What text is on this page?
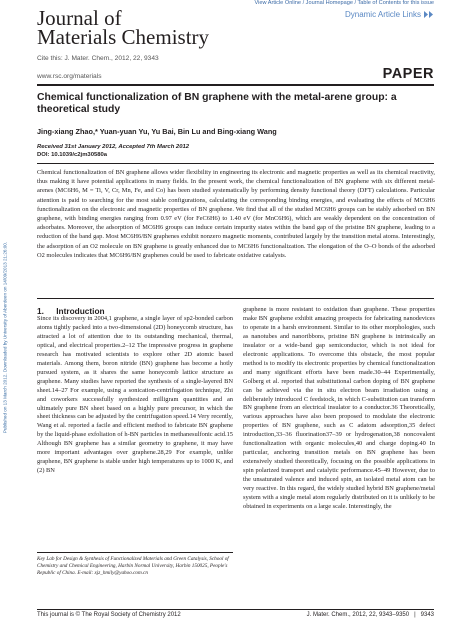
Published on 13 March 2012. Downloaded by University of Aberdeen on 14/09/2013 21:26:00.
Journal of
Materials Chemistry
View Article Online / Journal Homepage / Table of Contents for this issue
Dynamic Article Links
Cite this: J. Mater. Chem., 2012, 22, 9343
www.rsc.org/materials	PAPER
Chemical functionalization of BN graphene with the metal-arene group: a theoretical study
Jing-xiang Zhao,* Yuan-yuan Yu, Yu Bai, Bin Lu and Bing-xiang Wang
Received 31st January 2012, Accepted 7th March 2012
DOI: 10.1039/c2jm30580a
Chemical functionalization of BN graphene allows wider flexibility in engineering its electronic and magnetic properties as well as its chemical reactivity, thus making it have potential applications in many fields. In the present work, the chemical functionalization of BN graphene with six different metal-arenes (MC6H6, M = Ti, V, Cr, Mn, Fe, and Co) has been studied systematically by performing density functional theory (DFT) calculations. Particular attention is paid to searching for the most stable configurations, calculating the corresponding binding energies, and evaluating the effects of MC6H6 functionalization on the electronic and magnetic properties of BN graphene. We find that all of the studied MC6H6 groups can be stably adsorbed on BN graphene, with binding energies ranging from 0.97 eV (for FeC6H6) to 1.40 eV (for MnC6H6), which are weakly dependent on the concentration of adsorbates. Moreover, the adsorption of MC6H6 groups can induce certain impurity states within the band gap of the pristine BN graphene, leading to a reduction of the band gap. Most MC6H6/BN graphenes exhibit nonzero magnetic moments, contributed largely by the transition metal atoms. Interestingly, the adsorption of an O2 molecule on BN graphene is greatly enhanced due to MC6H6 functionalization. The elongation of the O–O bonds of the adsorbed O2 molecules indicates that MC6H6/BN graphenes could be used to fabricate oxidative catalysts.
1. Introduction
Since its discovery in 2004,1 graphene, a single layer of sp2-bonded carbon atoms tightly packed into a two-dimensional (2D) honeycomb structure, has attracted a lot of attention due to its outstanding mechanical, thermal, optical, and electrical properties.2–12 The impressive progress in graphene research has motivated scientists to explore other 2D atomic based materials. Among them, boron nitride (BN) graphene has become a hotly pursued system, as it shares the same honeycomb lattice structure as graphene. Many studies have reported the synthesis of a single-layered BN sheet.14–27 For example, using a sonication-centrifugation technique, Zhi and coworkers successfully synthesized milligram quantities and an ultimately pure BN sheet based on a highly pure precursor, in which the sheet thickness can be adjusted by the centrifugation speed.14 Very recently, Wang et al. reported a facile and efficient method to fabricate BN graphene by the liquid-phase exfoliation of h-BN particles in methanesulfonic acid.15 Although BN graphene has a similar geometry to graphene, it may have more important advantages over graphene.28,29 For example, unlike graphene, BN graphene is stable under high temperatures up to 1000 K, and (2) BN
graphene is more resistant to oxidation than graphene. These properties make BN graphene exhibit amazing prospects for fabricating nanodevices to operate in a harsh environment. Similar to its other morphologies, such as nanotubes and nanoribbons, pristine BN graphene is intrinsically an insulator or a wide-band gap semiconductor, which is not ideal for electronic applications. To overcome this obstacle, the most popular method is to modify its electronic properties by chemical functionalization and many significant efforts have been made.30–44 Experimentally, Golberg et al. reported that substitutional carbon doping of BN graphene can be achieved via the in situ electron beam irradiation using a deliberately introduced C feedstock, in which C-substitution can transform BN graphene from an electrical insulator to a conductor.36 Theoretically, various approaches have also been proposed to modulate the electronic properties of BN graphene, such as C adatom adsorption,35 defect introduction,33–36 fluorination37–39 or hydrogenation,38 noncovalent functionalization with organic molecules,40 and charge doping.40 In particular, anchoring transition metals on BN graphene has been extensively studied theoretically, focusing on the possible applications in spin polarized transport and catalytic performance.45–49 However, due to the unsaturated valence and induced spin, an isolated metal atom can be very reactive. In this regard, the widely studied hybrid BN graphene/metal system with a single metal atom regularly distributed on it is unlikely to be obtained in experiments on a large scale. Interestingly, the
Key Lab for Design & Synthesis of Functionalized Materials and Green Catalysis, School of Chemistry and Chemical Engineering, Harbin Normal University, Harbin 150025, People's Republic of China. E-mail: xjz_hmily@yahoo.com.cn
This journal is © The Royal Society of Chemistry 2012	J. Mater. Chem., 2012, 22, 9343–9350 | 9343
